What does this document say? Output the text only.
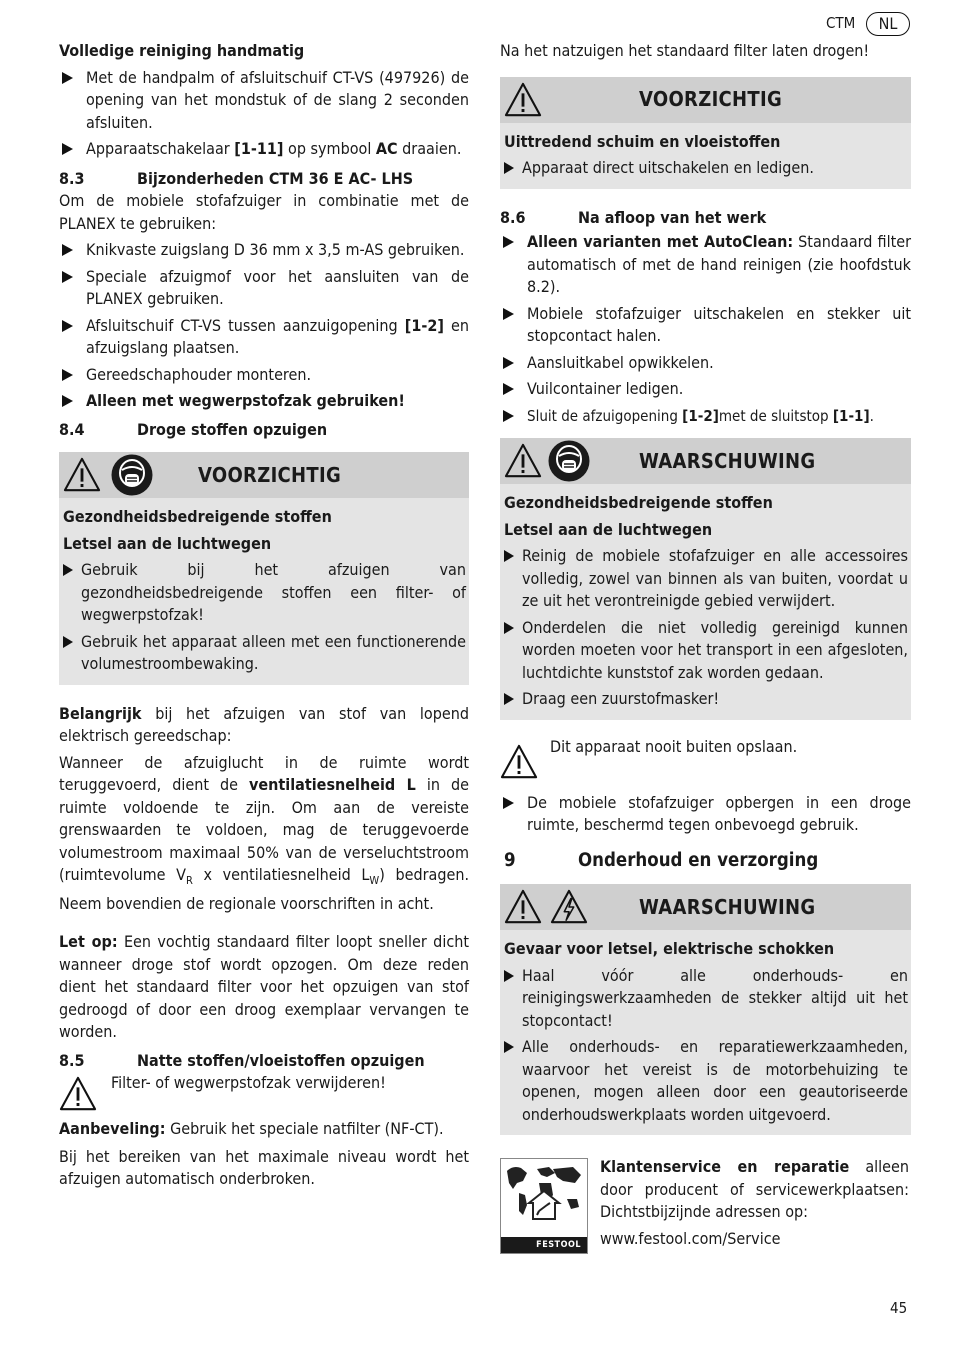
CTM	NL

Volledige reiniging handmatig

Met de handpalm of afsluitschuif CT-VS (497926) de opening van het mondstuk of de slang 2 seconden afsluiten.
Apparaatschakelaar [1-11] op symbool AC draaien.
8.3	Bijzonderheden CTM 36 E AC- LHS

Om de mobiele stofafzuiger in combinatie met de PLANEX te gebruiken:

Knikvaste zuigslang D 36 mm x 3,5 m-AS gebruiken.
Speciale afzuigmof voor het aansluiten van de PLANEX gebruiken.
Afsluitschuif CT-VS tussen aanzuigopening [1-2] en afzuigslang plaatsen.
Gereedschaphouder monteren.
Alleen met wegwerpstofzak gebruiken!
8.4	Droge stoffen opzuigen
VOORZICHTIG

Gezondheidsbedreigende stoffen

Letsel aan de luchtwegen

Gebruik bij het afzuigen van gezondheidsbedreigende stoffen een filter- of wegwerpstofzak!
Gebruik het apparaat alleen met een functionerende volumestroombewaking.

Belangrijk bij het afzuigen van stof van lopend elektrisch gereedschap:

Wanneer de afzuiglucht in de ruimte wordt teruggevoerd, dient de ventilatiesnelheid L in de ruimte voldoende te zijn. Om aan de vereiste grenswaarden te voldoen, mag de teruggevoerde volumestroom maximaal 50% van de verseluchtstroom (ruimtevolume $V_R$ x ventilatiesnelheid $L_W$) bedragen. Neem bovendien de regionale voorschriften in acht.

Let op: Een vochtig standaard filter loopt sneller dicht wanneer droge stof wordt opzogen. Om deze reden dient het standaard filter voor het opzuigen van stof gedroogd of door een droog exemplaar vervangen te worden.

8.5	Natte stoffen/vloeistoffen opzuigen
Filter- of wegwerpstofzak verwijderen!

Aanbeveling: Gebruik het speciale natfilter (NF-CT).

Bij het bereiken van het maximale niveau wordt het afzuigen automatisch onderbroken.

Na het natzuigen het standaard filter laten drogen!

VOORZICHTIG

Uittredend schuim en vloeistoffen

Apparaat direct uitschakelen en ledigen.
8.6	Na afloop van het werk
Alleen varianten met AutoClean: Standaard filter automatisch of met de hand reinigen (zie hoofdstuk 8.2).
Mobiele stofafzuiger uitschakelen en stekker uit stopcontact halen.
Aansluitkabel opwikkelen.
Vuilcontainer ledigen.
Sluit de afzuigopening [1-2]met de sluitstop [1-1].
WAARSCHUWING

Gezondheidsbedreigende stoffen

Letsel aan de luchtwegen

Reinig de mobiele stofafzuiger en alle accessoires volledig, zowel van binnen als van buiten, voordat u ze uit het verontreinigde gebied verwijdert.
Onderdelen die niet volledig gereinigd kunnen worden moeten voor het transport in een afgesloten, luchtdichte kunststof zak worden gedaan.
Draag een zuurstofmasker!
Dit apparaat nooit buiten opslaan.
De mobiele stofafzuiger opbergen in een droge ruimte, beschermd tegen onbevoegd gebruik.
9	Onderhoud en verzorging
WAARSCHUWING

Gevaar voor letsel, elektrische schokken

Haal vóór alle onderhouds- en reinigingswerkzaamheden de stekker altijd uit het stopcontact!
Alle onderhouds- en reparatiewerkzaamheden, waarvoor het vereist is de motorbehuizing te openen, mogen alleen door een geautoriseerde onderhoudswerkplaats worden uitgevoerd.
FESTOOL

Klantenservice en reparatie alleen door producent of servicewerkplaatsen: Dichtstbijzijnde adressen op:

www.festool.com/Service
45
